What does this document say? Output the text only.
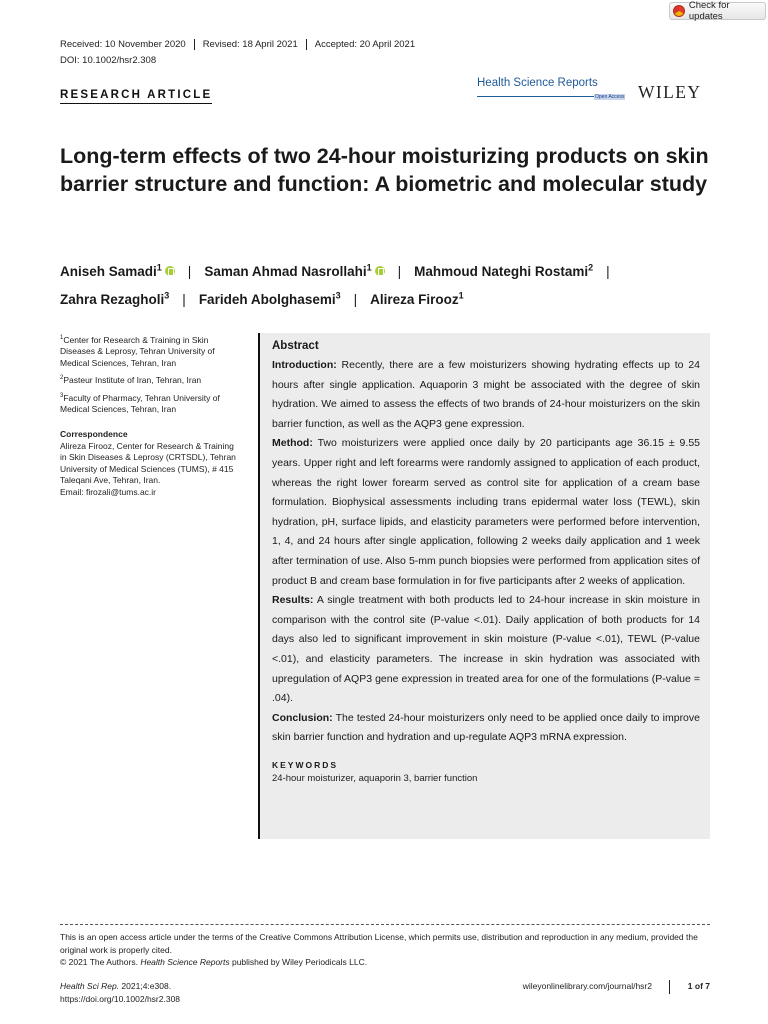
Check for updates
Received: 10 November 2020	Revised: 18 April 2021	Accepted: 20 April 2021
DOI: 10.1002/hsr2.308
RESEARCH ARTICLE
Health Science Reports
Open Access WILEY
Long-term effects of two 24-hour moisturizing products on skin barrier structure and function: A biometric and molecular study
Aniseh Samadi$^1$ | Saman Ahmad Nasrollahi$^1$ | Mahmoud Nateghi Rostami$^2$ |
Zahra Rezagholi$^3$ | Farideh Abolghasemi$^3$ | Alireza Firooz$^1$
$^1$Center for Research & Training in Skin Diseases & Leprosy, Tehran University of Medical Sciences, Tehran, Iran
$^2$Pasteur Institute of Iran, Tehran, Iran
$^3$Faculty of Pharmacy, Tehran University of Medical Sciences, Tehran, Iran
Correspondence
Alireza Firooz, Center for Research & Training in Skin Diseases & Leprosy (CRTSDL), Tehran University of Medical Sciences (TUMS), # 415 Taleqani Ave, Tehran, Iran.
Email: firozali@tums.ac.ir
Abstract

Introduction: Recently, there are a few moisturizers showing hydrating effects up to 24 hours after single application. Aquaporin 3 might be associated with the degree of skin hydration. We aimed to assess the effects of two brands of 24-hour moisturizers on the skin barrier function, as well as the AQP3 gene expression.

Method: Two moisturizers were applied once daily by 20 participants age 36.15 ± 9.55 years. Upper right and left forearms were randomly assigned to application of each product, whereas the right lower forearm served as control site for application of a cream base formulation. Biophysical assessments including trans epidermal water loss (TEWL), skin hydration, pH, surface lipids, and elasticity parameters were performed before intervention, 1, 4, and 24 hours after single application, following 2 weeks daily application and 1 week after termination of use. Also 5-mm punch biopsies were performed from application sites of product B and cream base formulation in for five participants after 2 weeks of application.

Results: A single treatment with both products led to 24-hour increase in skin moisture in comparison with the control site (P-value <.01). Daily application of both products for 14 days also led to significant improvement in skin moisture (P-value <.01), TEWL (P-value <.01), and elasticity parameters. The increase in skin hydration was associated with upregulation of AQP3 gene expression in treated area for one of the formulations (P-value = .04).

Conclusion: The tested 24-hour moisturizers only need to be applied once daily to improve skin barrier function and hydration and up-regulate AQP3 mRNA expression.

KEYWORDS
24-hour moisturizer, aquaporin 3, barrier function
This is an open access article under the terms of the Creative Commons Attribution License, which permits use, distribution and reproduction in any medium, provided the original work is properly cited.
© 2021 The Authors. Health Science Reports published by Wiley Periodicals LLC.
Health Sci Rep. 2021;4:e308.
https://doi.org/10.1002/hsr2.308
wileyonlinelibrary.com/journal/hsr2	1 of 7
